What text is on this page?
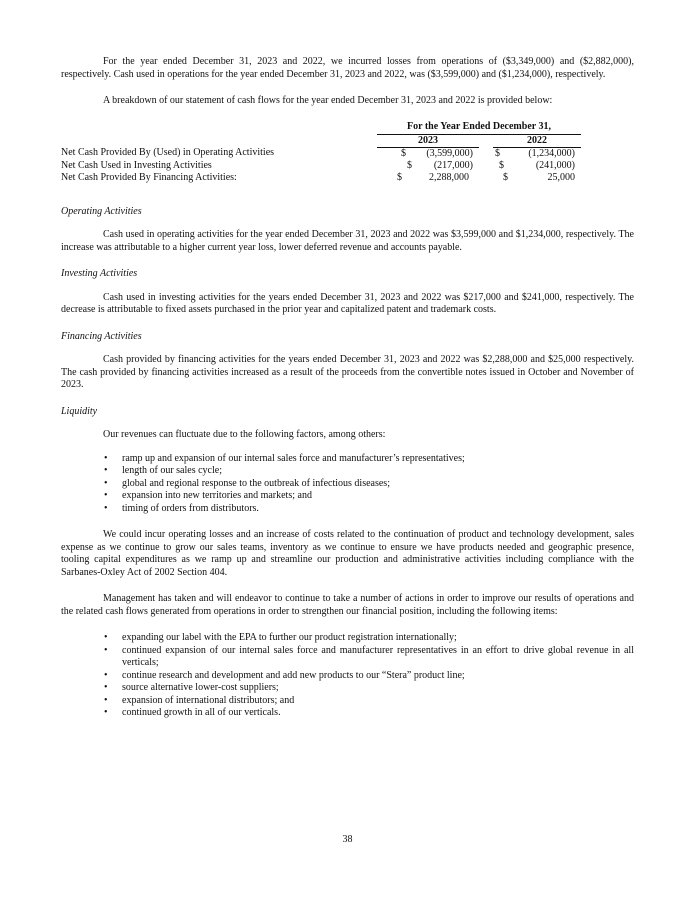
For the year ended December 31, 2023 and 2022, we incurred losses from operations of ($3,349,000) and ($2,882,000), respectively. Cash used in operations for the year ended December 31, 2023 and 2022, was ($3,599,000) and ($1,234,000), respectively.

A breakdown of our statement of cash flows for the year ended December 31, 2023 and 2022 is provided below:

	For the Year Ended December 31,		
	2023		2022
Net Cash Provided By (Used) in Operating Activities	$ (3,599,000)		$ (1,234,000)

Net Cash Used in Investing Activities	$ (217,000)		$ (241,000)

Net Cash Provided By Financing Activities:	$ 2,288,000		$ 25,000

Operating Activities

Cash used in operating activities for the year ended December 31, 2023 and 2022 was $3,599,000 and $1,234,000, respectively. The increase was attributable to a higher current year loss, lower deferred revenue and accounts payable.

Investing Activities

Cash used in investing activities for the years ended December 31, 2023 and 2022 was $217,000 and $241,000, respectively. The decrease is attributable to fixed assets purchased in the prior year and capitalized patent and trademark costs.

Financing Activities

Cash provided by financing activities for the years ended December 31, 2023 and 2022 was $2,288,000 and $25,000 respectively. The cash provided by financing activities increased as a result of the proceeds from the convertible notes issued in October and November of 2023.

Liquidity

Our revenues can fluctuate due to the following factors, among others:

• ramp up and expansion of our internal sales force and manufacturer’s representatives;
• length of our sales cycle;
• global and regional response to the outbreak of infectious diseases;
• expansion into new territories and markets; and
• timing of orders from distributors.

We could incur operating losses and an increase of costs related to the continuation of product and technology development, sales expense as we continue to grow our sales teams, inventory as we continue to ensure we have products needed and geographic presence, tooling capital expenditures as we ramp up and streamline our production and administrative activities including compliance with the Sarbanes-Oxley Act of 2002 Section 404.

Management has taken and will endeavor to continue to take a number of actions in order to improve our results of operations and the related cash flows generated from operations in order to strengthen our financial position, including the following items:

• expanding our label with the EPA to further our product registration internationally;
• continued expansion of our internal sales force and manufacturer representatives in an effort to drive global revenue in all verticals;
• continue research and development and add new products to our “Stera” product line;
• source alternative lower-cost suppliers;
• expansion of international distributors; and
• continued growth in all of our verticals.
38
